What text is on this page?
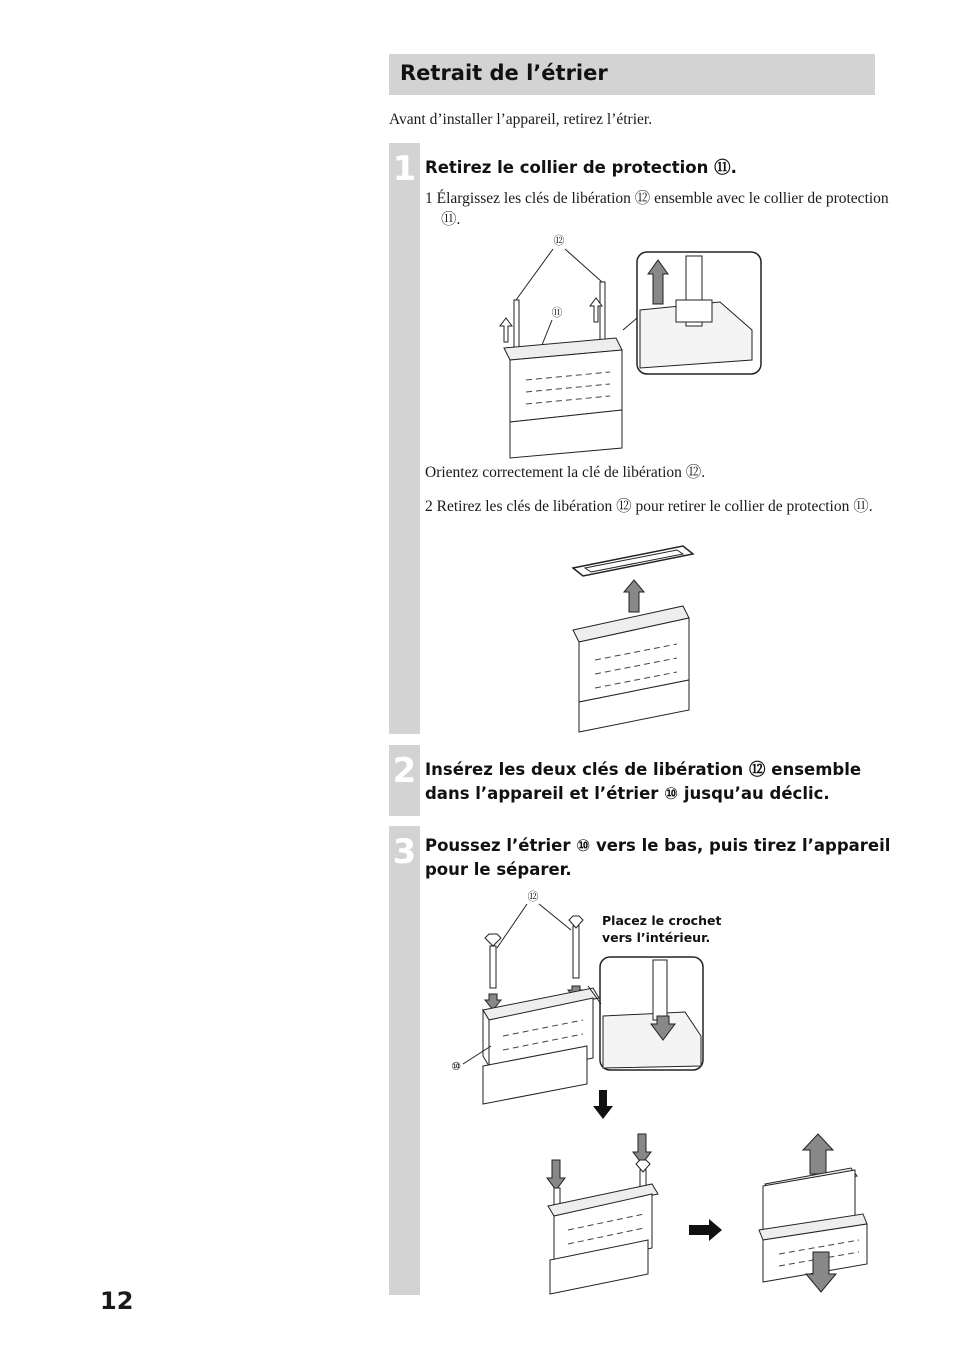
Retrait de l’étrier
Avant d’installer l’appareil, retirez l’étrier.
1 Retirez le collier de protection ⑪.
1 Élargissez les clés de libération ⑫ ensemble avec le collier de protection ⑪.
⑫
⑪
Orientez correctement la clé de libération ⑫.
2 Retirez les clés de libération ⑫ pour retirer le collier de protection ⑪.
2 Insérez les deux clés de libération ⑫ ensemble
dans l’appareil et l’étrier ⑩ jusqu’au déclic.
3 Poussez l’étrier ⑩ vers le bas, puis tirez l’appareil
pour le séparer.
Placez le crochet
vers l’intérieur.
⑫
⑩
12
